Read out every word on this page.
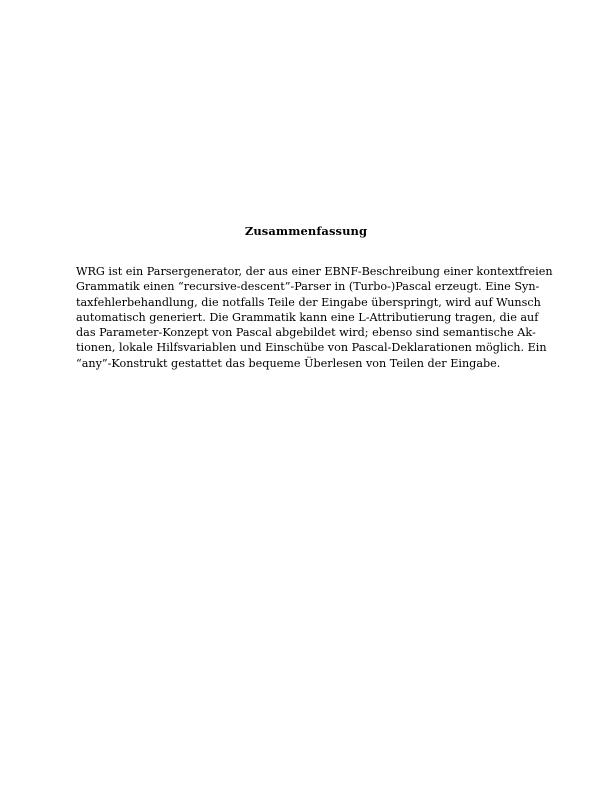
Zusammenfassung
WRG ist ein Parsergenerator, der aus einer EBNF-Beschreibung einer kontextfreien
Grammatik einen “recursive-descent”-Parser in (Turbo-)Pascal erzeugt. Eine Syn-
taxfehlerbehandlung, die notfalls Teile der Eingabe überspringt, wird auf Wunsch
automatisch generiert. Die Grammatik kann eine L-Attributierung tragen, die auf
das Parameter-Konzept von Pascal abgebildet wird; ebenso sind semantische Ak-
tionen, lokale Hilfsvariablen und Einschübe von Pascal-Deklarationen möglich. Ein
“any”-Konstrukt gestattet das bequeme Überlesen von Teilen der Eingabe.
